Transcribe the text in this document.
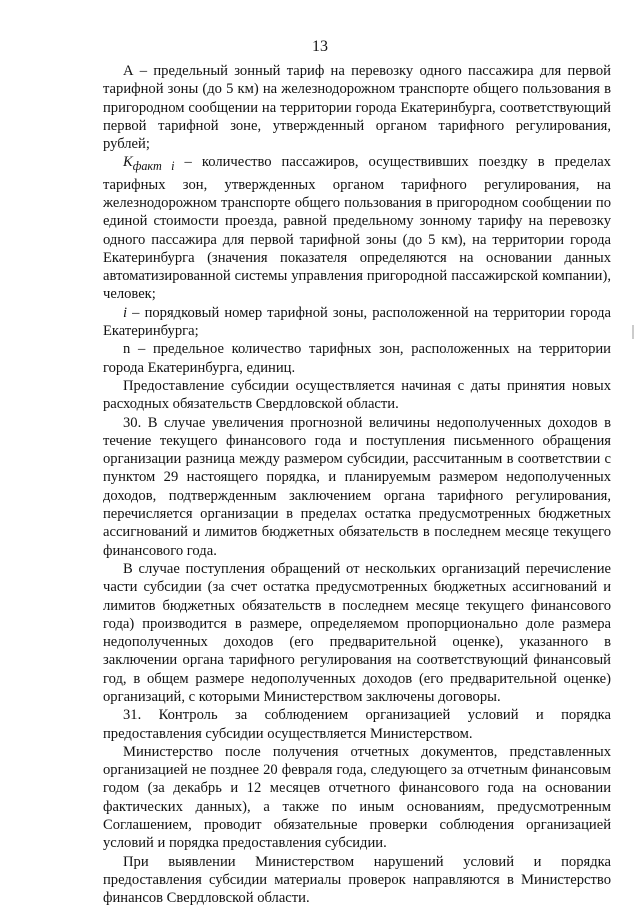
13

А – предельный зонный тариф на перевозку одного пассажира для первой тарифной зоны (до 5 км) на железнодорожном транспорте общего пользования в пригородном сообщении на территории города Екатеринбурга, соответствующий первой тарифной зоне, утвержденный органом тарифного регулирования, рублей;

$К_{факт i}$ – количество пассажиров, осуществивших поездку в пределах тарифных зон, утвержденных органом тарифного регулирования, на железнодорожном транспорте общего пользования в пригородном сообщении по единой стоимости проезда, равной предельному зонному тарифу на перевозку одного пассажира для первой тарифной зоны (до 5 км), на территории города Екатеринбурга (значения показателя определяются на основании данных автоматизированной системы управления пригородной пассажирской компании), человек;

i – порядковый номер тарифной зоны, расположенной на территории города Екатеринбурга;

n – предельное количество тарифных зон, расположенных на территории города Екатеринбурга, единиц.

Предоставление субсидии осуществляется начиная с даты принятия новых расходных обязательств Свердловской области.

30. В случае увеличения прогнозной величины недополученных доходов в течение текущего финансового года и поступления письменного обращения организации разница между размером субсидии, рассчитанным в соответствии с пунктом 29 настоящего порядка, и планируемым размером недополученных доходов, подтвержденным заключением органа тарифного регулирования, перечисляется организации в пределах остатка предусмотренных бюджетных ассигнований и лимитов бюджетных обязательств в последнем месяце текущего финансового года.

В случае поступления обращений от нескольких организаций перечисление части субсидии (за счет остатка предусмотренных бюджетных ассигнований и лимитов бюджетных обязательств в последнем месяце текущего финансового года) производится в размере, определяемом пропорционально доле размера недополученных доходов (его предварительной оценке), указанного в заключении органа тарифного регулирования на соответствующий финансовый год, в общем размере недополученных доходов (его предварительной оценке) организаций, с которыми Министерством заключены договоры.

31. Контроль за соблюдением организацией условий и порядка предоставления субсидии осуществляется Министерством.

Министерство после получения отчетных документов, представленных организацией не позднее 20 февраля года, следующего за отчетным финансовым годом (за декабрь и 12 месяцев отчетного финансового года на основании фактических данных), а также по иным основаниям, предусмотренным Соглашением, проводит обязательные проверки соблюдения организацией условий и порядка предоставления субсидии.

При выявлении Министерством нарушений условий и порядка предоставления субсидии материалы проверок направляются в Министерство финансов Свердловской области.
